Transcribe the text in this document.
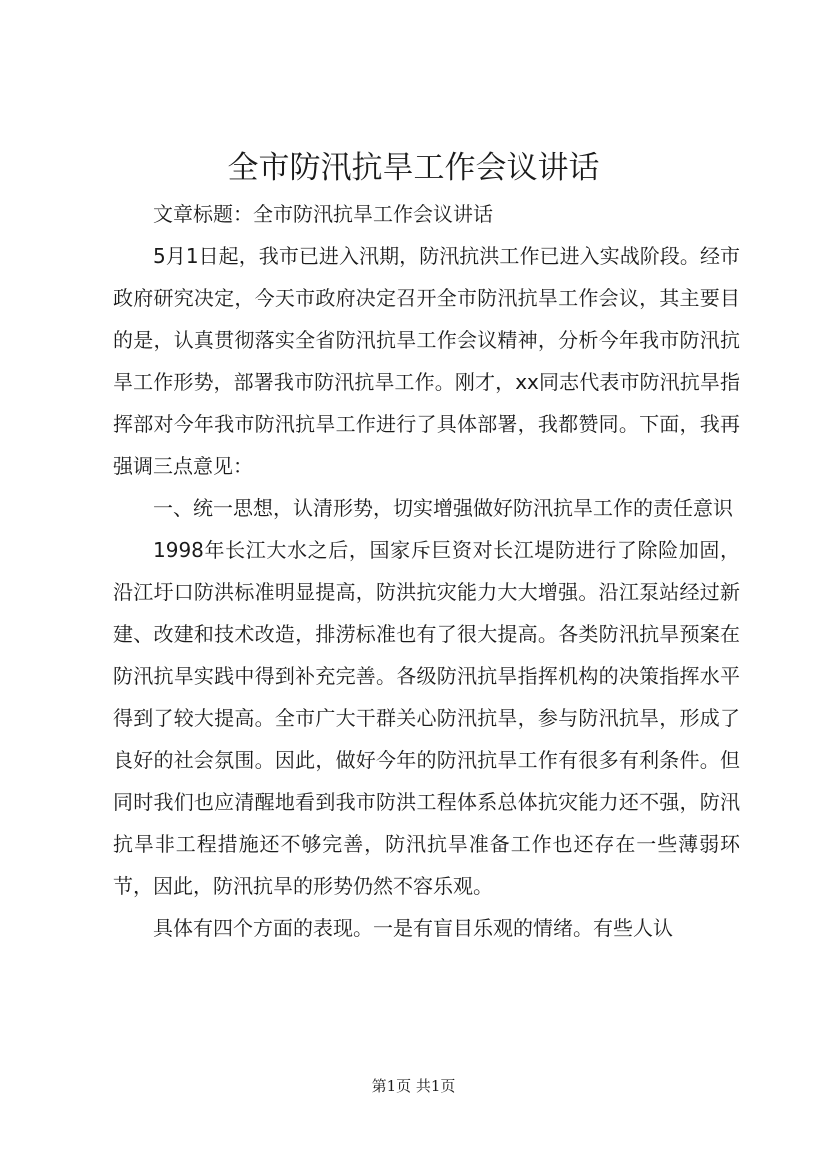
全市防汛抗旱工作会议讲话

文章标题：全市防汛抗旱工作会议讲话

5月1日起，我市已进入汛期，防汛抗洪工作已进入实战阶段。经市政府研究决定，今天市政府决定召开全市防汛抗旱工作会议，其主要目的是，认真贯彻落实全省防汛抗旱工作会议精神，分析今年我市防汛抗旱工作形势，部署我市防汛抗旱工作。刚才，xx同志代表市防汛抗旱指挥部对今年我市防汛抗旱工作进行了具体部署，我都赞同。下面，我再强调三点意见：

一、统一思想，认清形势，切实增强做好防汛抗旱工作的责任意识

1998年长江大水之后，国家斥巨资对长江堤防进行了除险加固，沿江圩口防洪标准明显提高，防洪抗灾能力大大增强。沿江泵站经过新建、改建和技术改造，排涝标准也有了很大提高。各类防汛抗旱预案在防汛抗旱实践中得到补充完善。各级防汛抗旱指挥机构的决策指挥水平得到了较大提高。全市广大干群关心防汛抗旱，参与防汛抗旱，形成了良好的社会氛围。因此，做好今年的防汛抗旱工作有很多有利条件。但同时我们也应清醒地看到我市防洪工程体系总体抗灾能力还不强，防汛抗旱非工程措施还不够完善，防汛抗旱准备工作也还存在一些薄弱环节，因此，防汛抗旱的形势仍然不容乐观。

具体有四个方面的表现。一是有盲目乐观的情绪。有些人认

第1页 共1页
